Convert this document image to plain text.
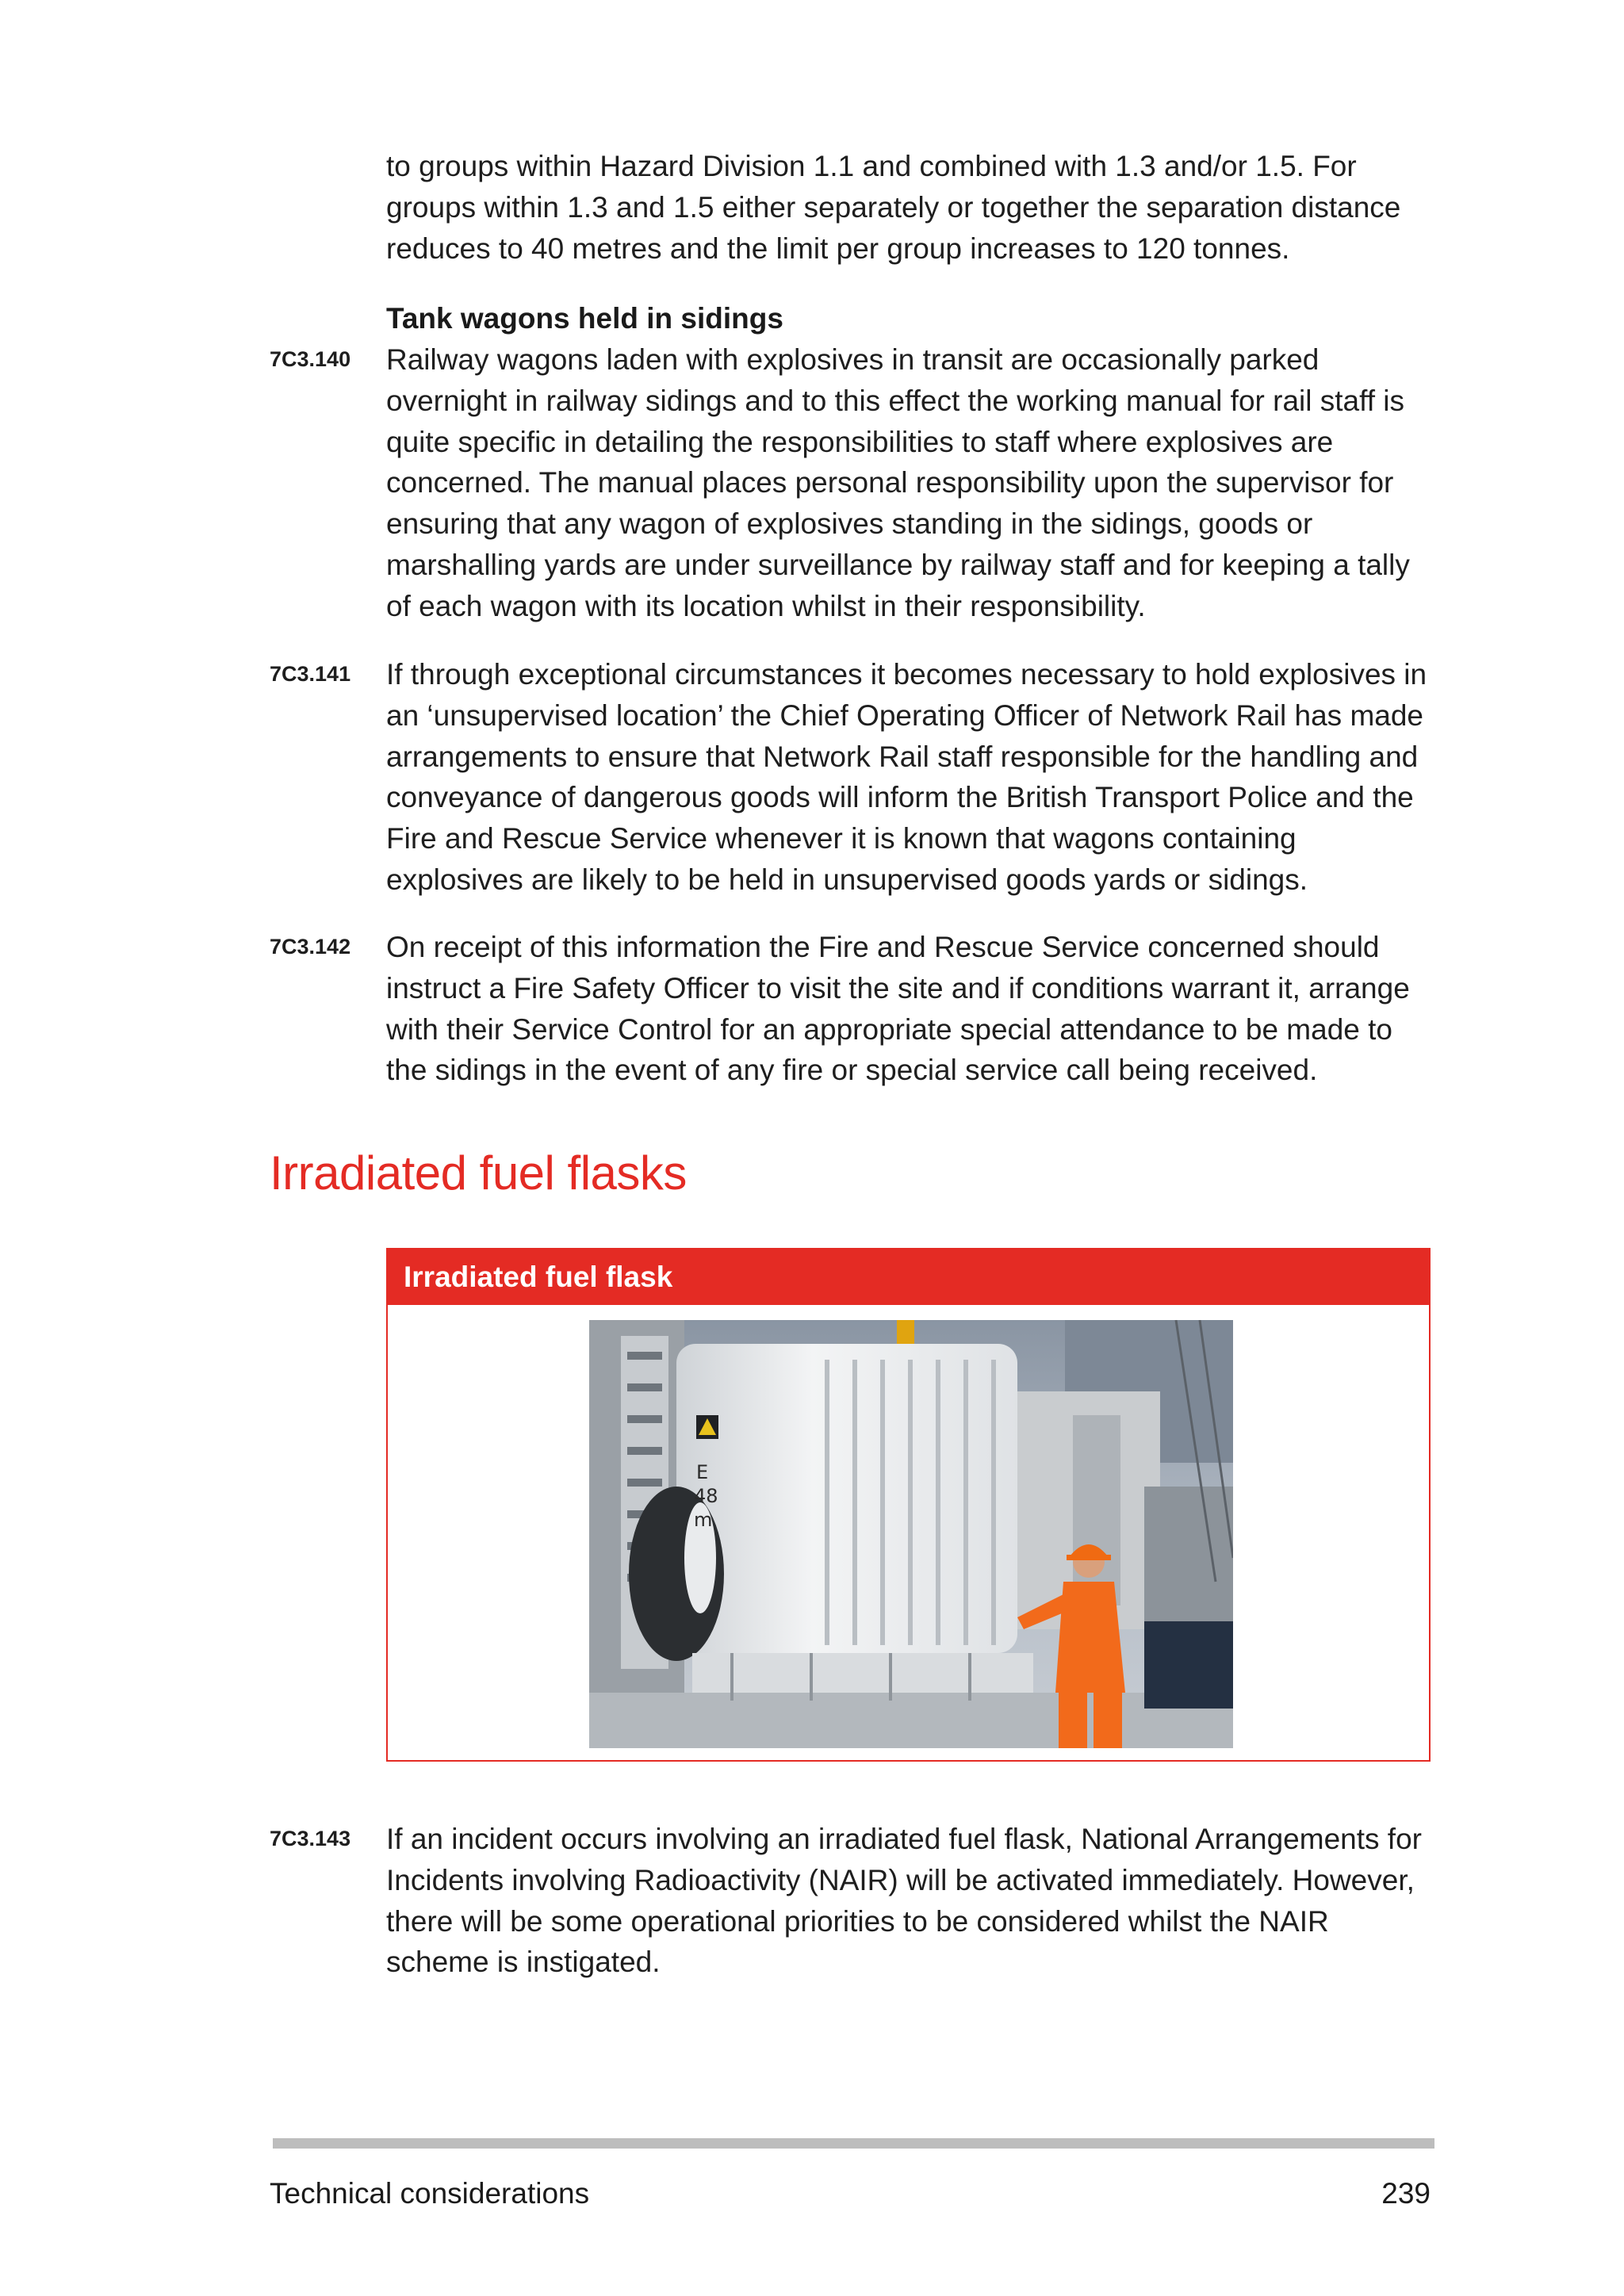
to groups within Hazard Division 1.1 and combined with 1.3 and/or 1.5. For groups within 1.3 and 1.5 either separately or together the separation distance reduces to 40 metres and the limit per group increases to 120 tonnes.

Tank wagons held in sidings
7C3.140 Railway wagons laden with explosives in transit are occasionally parked overnight in railway sidings and to this effect the working manual for rail staff is quite specific in detailing the responsibilities to staff where explosives are concerned. The manual places personal responsibility upon the supervisor for ensuring that any wagon of explosives standing in the sidings, goods or marshalling yards are under surveillance by railway staff and for keeping a tally of each wagon with its location whilst in their responsibility.

7C3.141 If through exceptional circumstances it becomes necessary to hold explosives in an ‘unsupervised location’ the Chief Operating Officer of Network Rail has made arrangements to ensure that Network Rail staff responsible for the handling and conveyance of dangerous goods will inform the British Transport Police and the Fire and Rescue Service whenever it is known that wagons containing explosives are likely to be held in unsupervised goods yards or sidings.

7C3.142 On receipt of this information the Fire and Rescue Service concerned should instruct a Fire Safety Officer to visit the site and if conditions warrant it, arrange with their Service Control for an appropriate special attendance to be made to the sidings in the event of any fire or special service call being received.

Irradiated fuel flasks
Irradiated fuel flask
E
48
m
7C3.143 If an incident occurs involving an irradiated fuel flask, National Arrangements for Incidents involving Radioactivity (NAIR) will be activated immediately. However, there will be some operational priorities to be considered whilst the NAIR scheme is instigated.

Technical considerations	239
